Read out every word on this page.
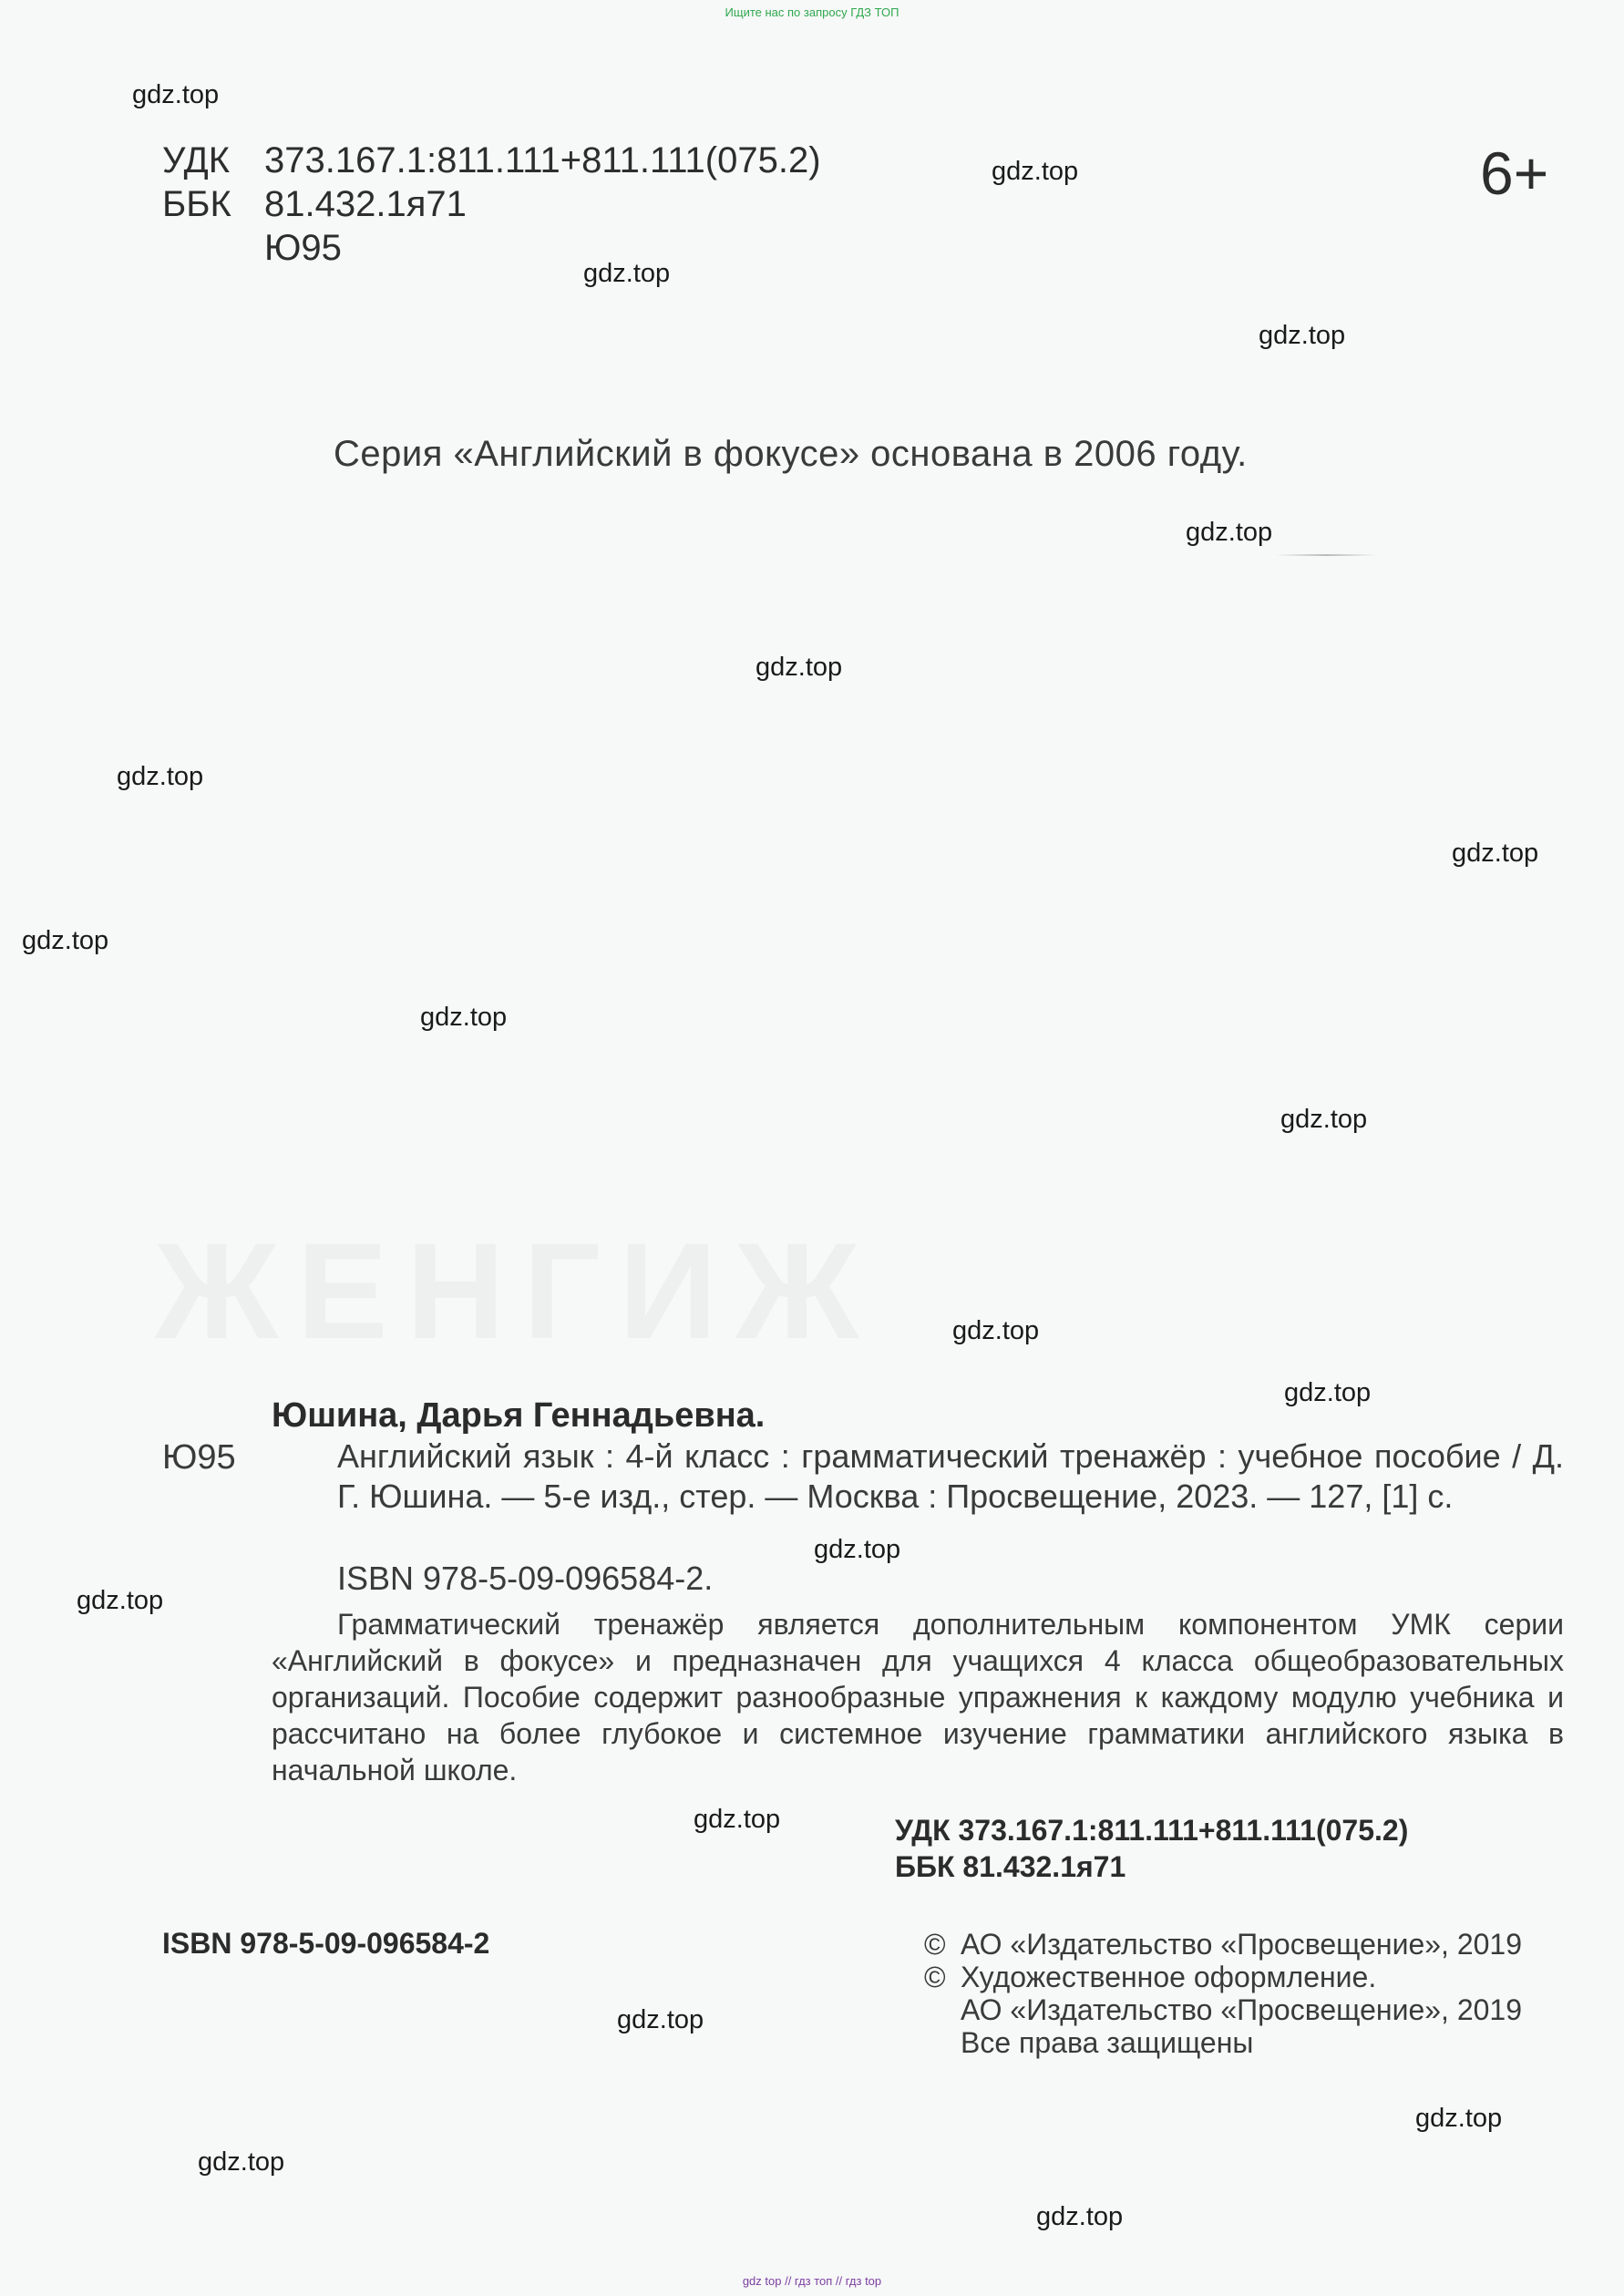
Ищите нас по запросу ГДЗ ТОП
ЖЕНГИЖ
УДК 373.167.1:811.111+811.111(075.2)
ББК 81.432.1я71
Ю95
6+
Серия «Английский в фокусе» основана в 2006 году.
Юшина, Дарья Геннадьевна.
Ю95	Английский язык : 4-й класс : грамматический тренажёр : учебное пособие / Д. Г. Юшина. — 5-е изд., стер. — Москва : Просвещение, 2023. — 127, [1] с.
ISBN 978-5-09-096584-2.
Грамматический тренажёр является дополнительным компонентом УМК серии «Английский в фокусе» и предназначен для учащихся 4 класса общеобразовательных организаций. Пособие содержит разнообразные упражнения к каждому модулю учебника и рассчитано на более глубокое и системное изучение грамматики английского языка в начальной школе.
УДК 373.167.1:811.111+811.111(075.2)
ББК 81.432.1я71
ISBN 978-5-09-096584-2	© АО «Издательство «Просвещение», 2019
© Художественное оформление.
АО «Издательство «Просвещение», 2019
Все права защищены
gdz.top
gdz.top
gdz.top
gdz.top
gdz.top
gdz.top
gdz.top
gdz.top
gdz.top
gdz.top
gdz.top
gdz.top
gdz.top
gdz.top
gdz.top
gdz.top
gdz.top
gdz.top
gdz.top
gdz.top
gdz top // гдз топ // гдз top
